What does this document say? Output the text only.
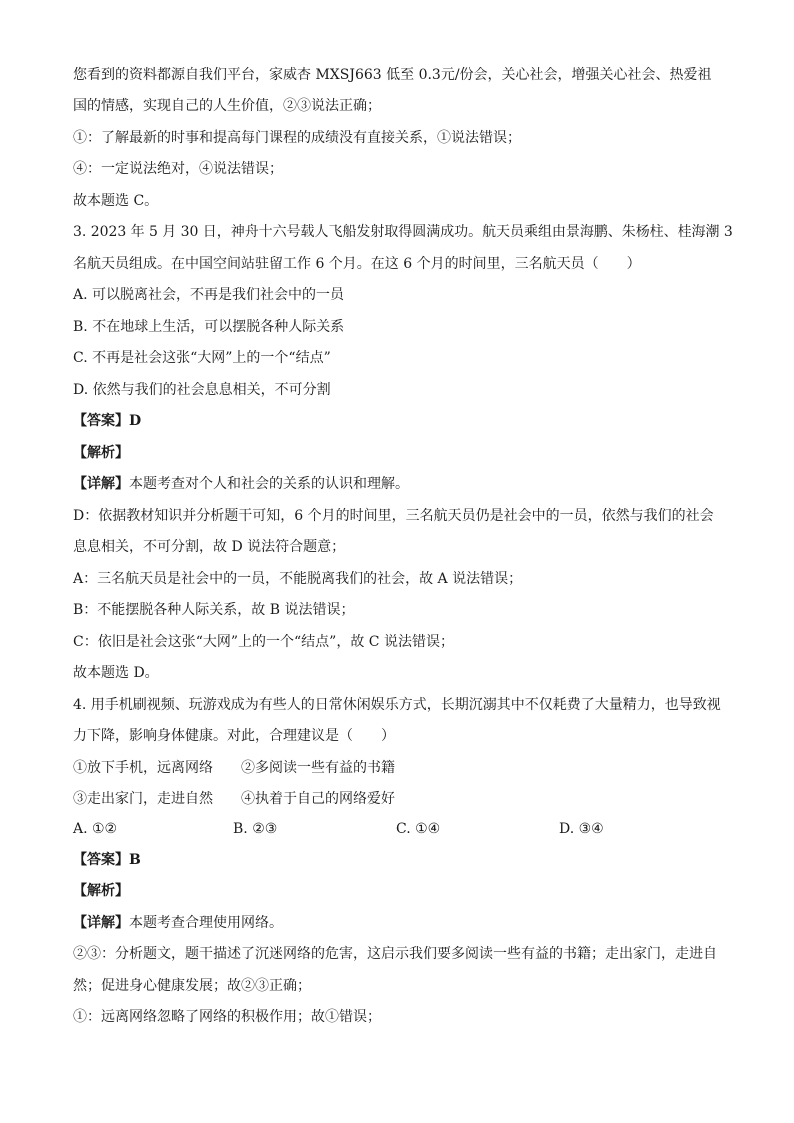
您看到的资料都源自我们平台，家威杏 MXSJ663 低至 0.3元/份会，关心社会，增强关心社会、热爱祖
国的情感，实现自己的人生价值，②③说法正确；
①：了解最新的时事和提高每门课程的成绩没有直接关系，①说法错误；
④：一定说法绝对，④说法错误；
故本题选 C。
3. 2023 年 5 月 30 日，神舟十六号载人飞船发射取得圆满成功。航天员乘组由景海鹏、朱杨柱、桂海潮 3
名航天员组成。在中国空间站驻留工作 6 个月。在这 6 个月的时间里，三名航天员（　　）
A. 可以脱离社会，不再是我们社会中的一员
B. 不在地球上生活，可以摆脱各种人际关系
C. 不再是社会这张“大网”上的一个“结点”
D. 依然与我们的社会息息相关，不可分割
【答案】D
【解析】
【详解】本题考查对个人和社会的关系的认识和理解。
D：依据教材知识并分析题干可知，6 个月的时间里，三名航天员仍是社会中的一员，依然与我们的社会
息息相关，不可分割，故 D 说法符合题意；
A：三名航天员是社会中的一员，不能脱离我们的社会，故 A 说法错误；
B：不能摆脱各种人际关系，故 B 说法错误；
C：依旧是社会这张“大网”上的一个“结点”，故 C 说法错误；
故本题选 D。
4. 用手机刷视频、玩游戏成为有些人的日常休闲娱乐方式，长期沉溺其中不仅耗费了大量精力，也导致视
力下降，影响身体健康。对此，合理建议是（　　）
①放下手机，远离网络　　②多阅读一些有益的书籍
③走出家门，走进自然　　④执着于自己的网络爱好
A. ①②	B. ②③	C. ①④	D. ③④
【答案】B
【解析】
【详解】本题考查合理使用网络。
②③：分析题文，题干描述了沉迷网络的危害，这启示我们要多阅读一些有益的书籍；走出家门，走进自
然；促进身心健康发展；故②③正确；
①：远离网络忽略了网络的积极作用；故①错误；
